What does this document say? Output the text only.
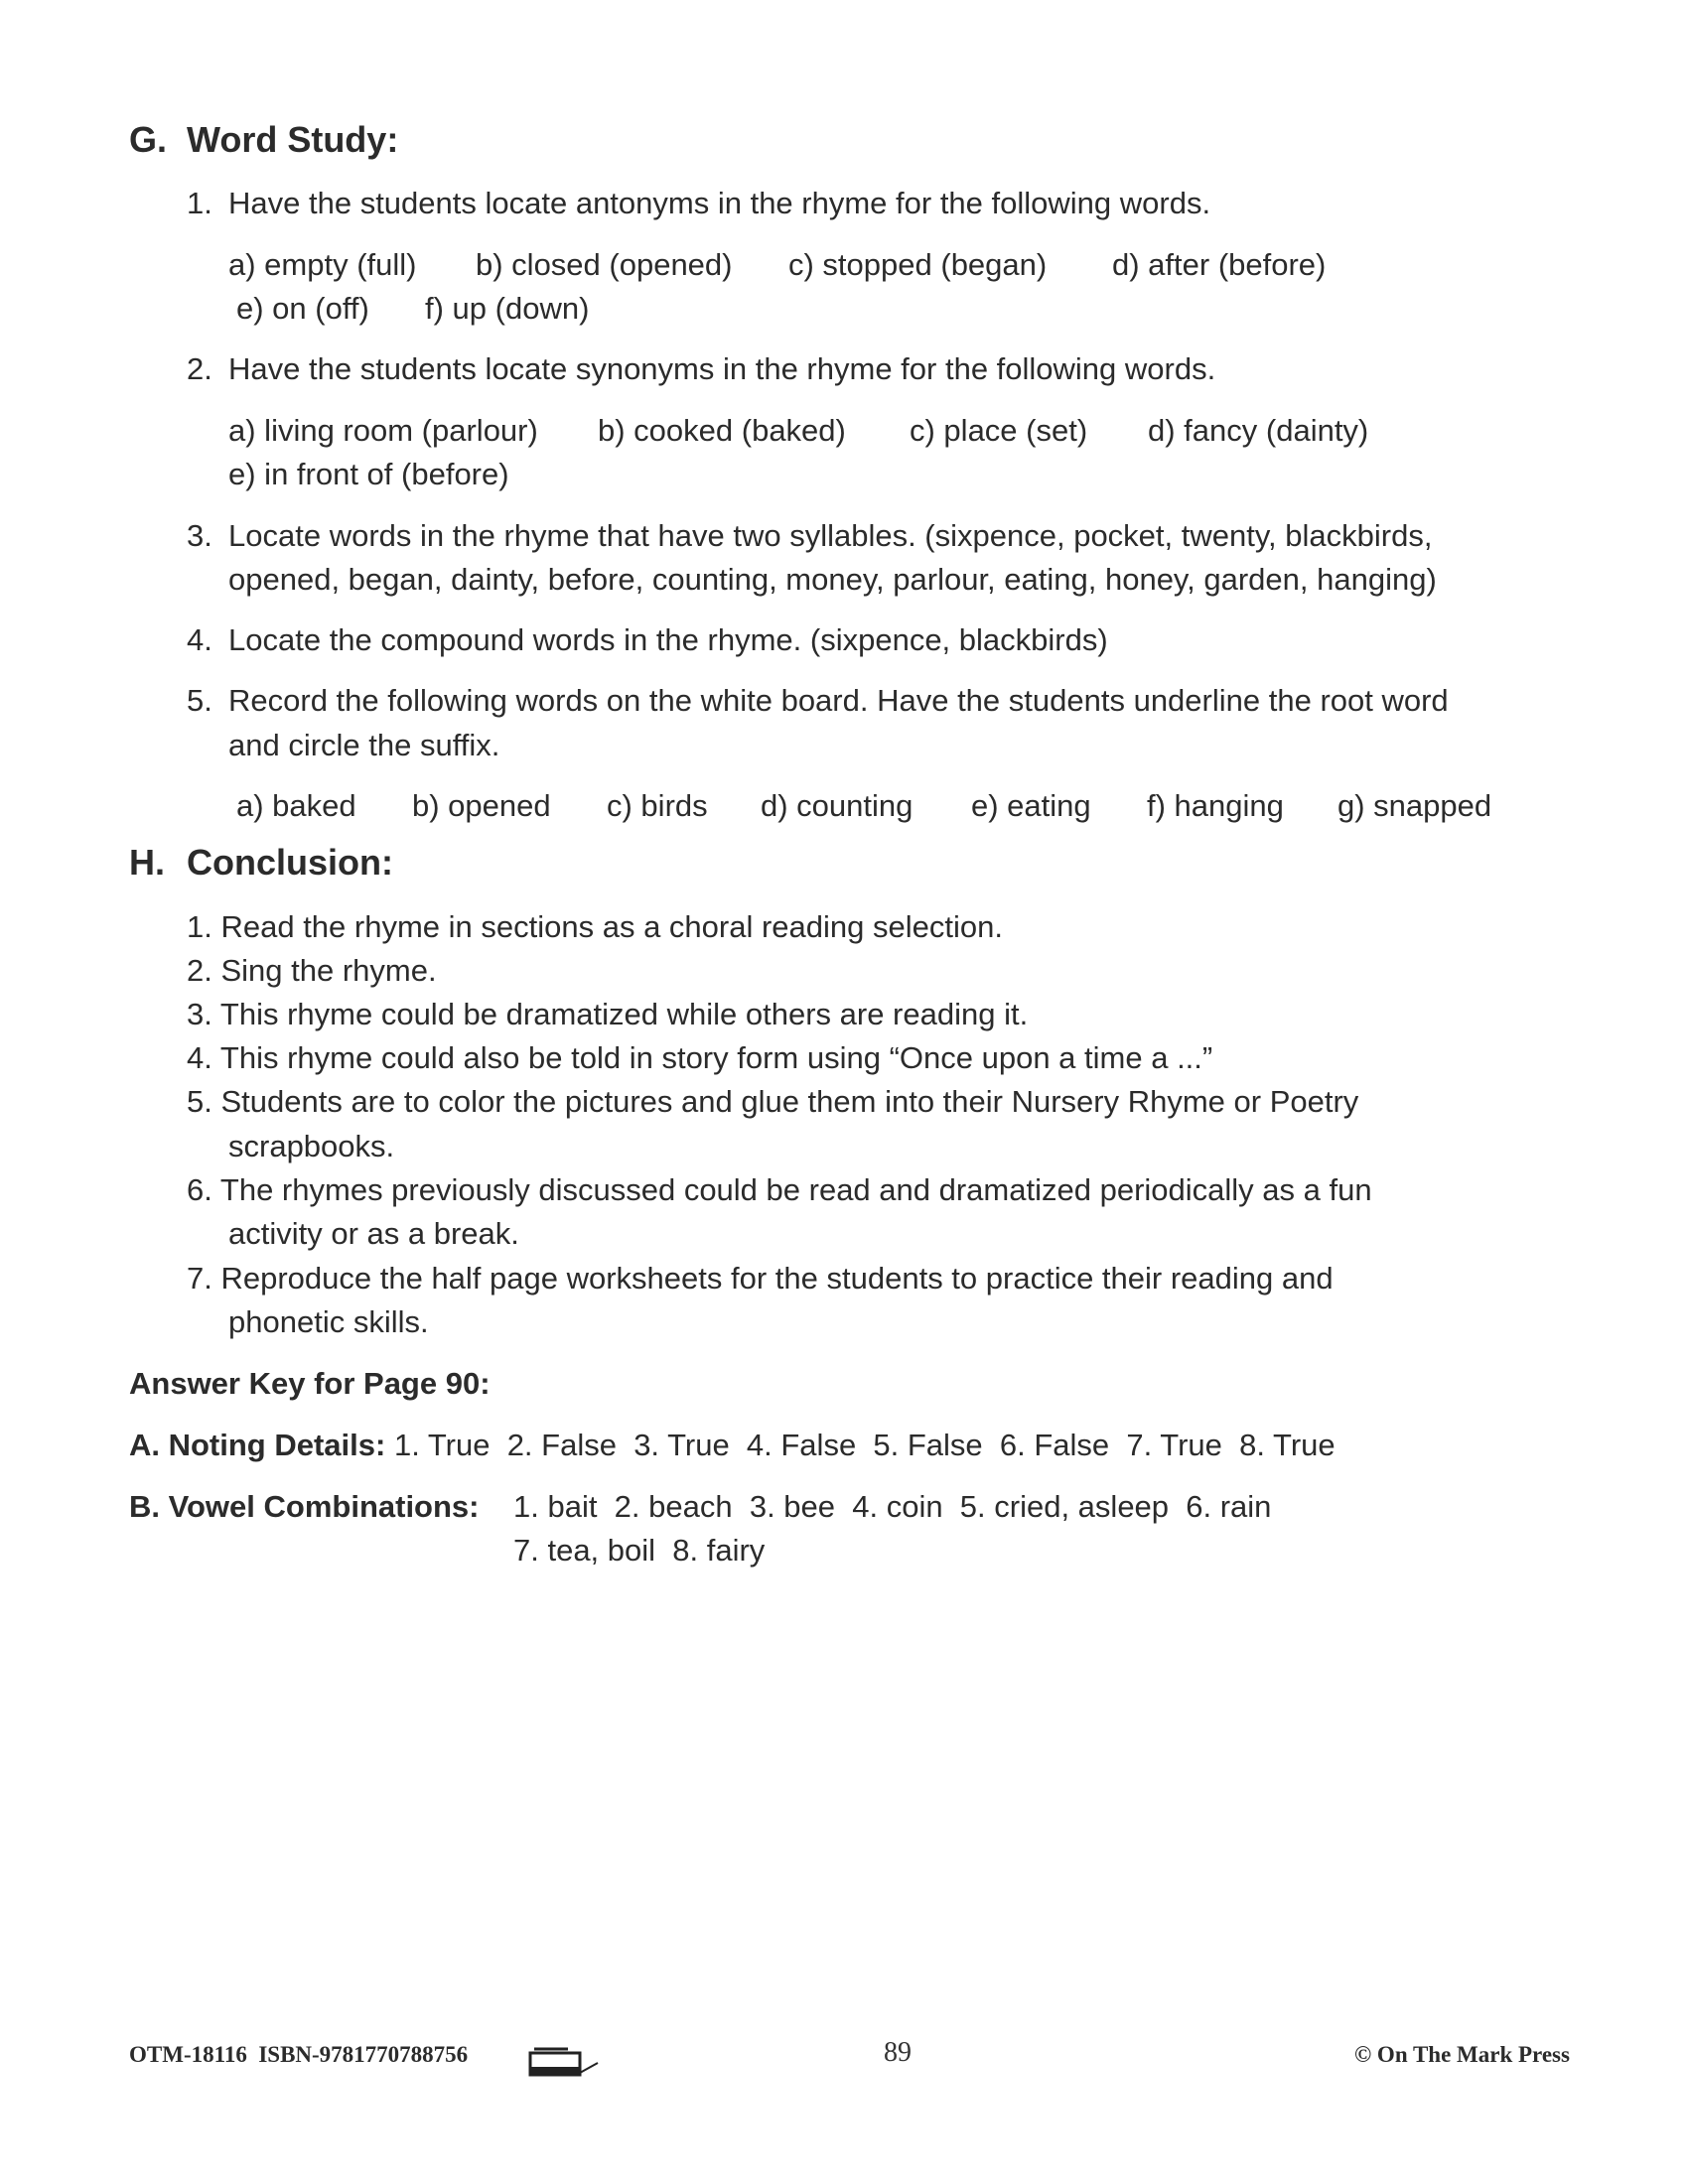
G. Word Study:
1. Have the students locate antonyms in the rhyme for the following words.
a) empty (full) b) closed (opened) c) stopped (began) d) after (before)
e) on (off) f) up (down)
2. Have the students locate synonyms in the rhyme for the following words.
a) living room (parlour) b) cooked (baked) c) place (set) d) fancy (dainty)
e) in front of (before)
3. Locate words in the rhyme that have two syllables. (sixpence, pocket, twenty, blackbirds,
opened, began, dainty, before, counting, money, parlour, eating, honey, garden, hanging)
4. Locate the compound words in the rhyme. (sixpence, blackbirds)
5. Record the following words on the white board. Have the students underline the root word
and circle the suffix.
a) baked b) opened c) birds d) counting e) eating f) hanging g) snapped
H. Conclusion:
1. Read the rhyme in sections as a choral reading selection.
2. Sing the rhyme.
3. This rhyme could be dramatized while others are reading it.
4. This rhyme could also be told in story form using “Once upon a time a ...”
5. Students are to color the pictures and glue them into their Nursery Rhyme or Poetry
scrapbooks.
6. The rhymes previously discussed could be read and dramatized periodically as a fun
activity or as a break.
7. Reproduce the half page worksheets for the students to practice their reading and
phonetic skills.
Answer Key for Page 90:
A. Noting Details: 1. True  2. False  3. True  4. False  5. False  6. False  7. True  8. True
B. Vowel Combinations: 1. bait  2. beach  3. bee  4. coin  5. cried, asleep  6. rain
7. tea, boil  8. fairy
OTM-18116  ISBN-9781770788756	89	© On The Mark Press
